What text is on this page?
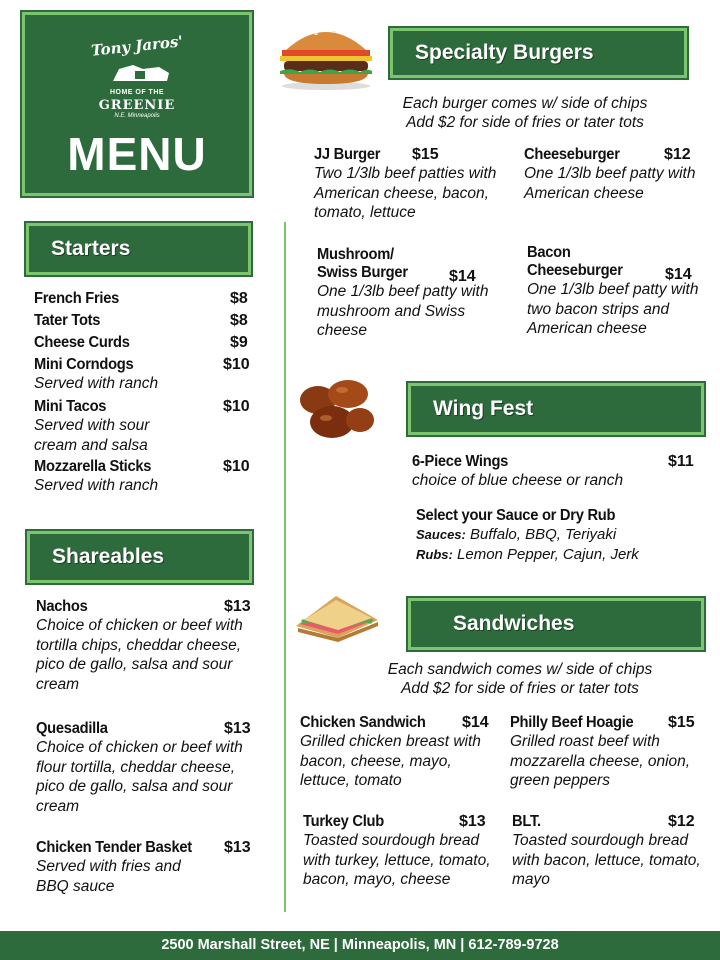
Tony Jaros'
HOME OF THE
GREENIE
N.E. Minneapolis
MENU
Specialty Burgers
Each burger comes w/ side of chips
Add $2 for side of fries or tater tots
JJ Burger	$15
Two 1/3lb beef patties with American cheese, bacon, tomato, lettuce
Cheeseburger	$12
One 1/3lb beef patty with American cheese
Mushroom/
Swiss Burger	$14
One 1/3lb beef patty with mushroom and Swiss cheese
Bacon
Cheeseburger	$14
One 1/3lb beef patty with two bacon strips and American cheese
Starters
French Fries	$8
Tater Tots	$8
Cheese Curds	$9
Mini Corndogs	$10
Served with ranch
Mini Tacos	$10
Served with sour cream and salsa
Mozzarella Sticks	$10
Served with ranch
Wing Fest
6-Piece Wings	$11
choice of blue cheese or ranch
Select your Sauce or Dry Rub
Sauces: Buffalo, BBQ, Teriyaki
Rubs: Lemon Pepper, Cajun, Jerk
Shareables
Nachos	$13
Choice of chicken or beef with tortilla chips, cheddar cheese, pico de gallo, salsa and sour cream
Quesadilla	$13
Choice of chicken or beef with flour tortilla, cheddar cheese, pico de gallo, salsa and sour cream
Chicken Tender Basket	$13
Served with fries and BBQ sauce
Sandwiches
Each sandwich comes w/ side of chips
Add $2 for side of fries or tater tots
Chicken Sandwich	$14
Grilled chicken breast with bacon, cheese, mayo, lettuce, tomato
Philly Beef Hoagie	$15
Grilled roast beef with mozzarella cheese, onion, green peppers
Turkey Club	$13
Toasted sourdough bread with turkey, lettuce, tomato, bacon, mayo, cheese
BLT.	$12
Toasted sourdough bread with bacon, lettuce, tomato, mayo
2500 Marshall Street, NE | Minneapolis, MN | 612-789-9728
